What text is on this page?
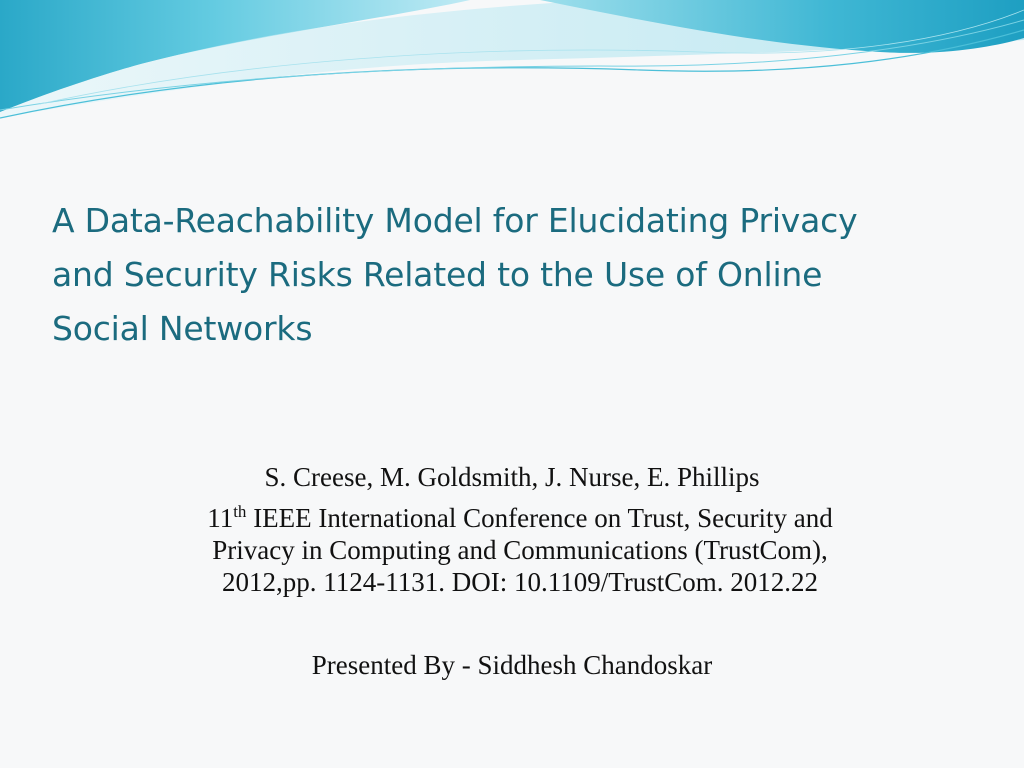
A Data-Reachability Model for Elucidating Privacy
and Security Risks Related to the Use of Online
Social Networks
S. Creese, M. Goldsmith, J. Nurse, E. Phillips
11th IEEE International Conference on Trust, Security and
Privacy in Computing and Communications (TrustCom),
2012,pp. 1124-1131. DOI: 10.1109/TrustCom. 2012.22
Presented By - Siddhesh Chandoskar
